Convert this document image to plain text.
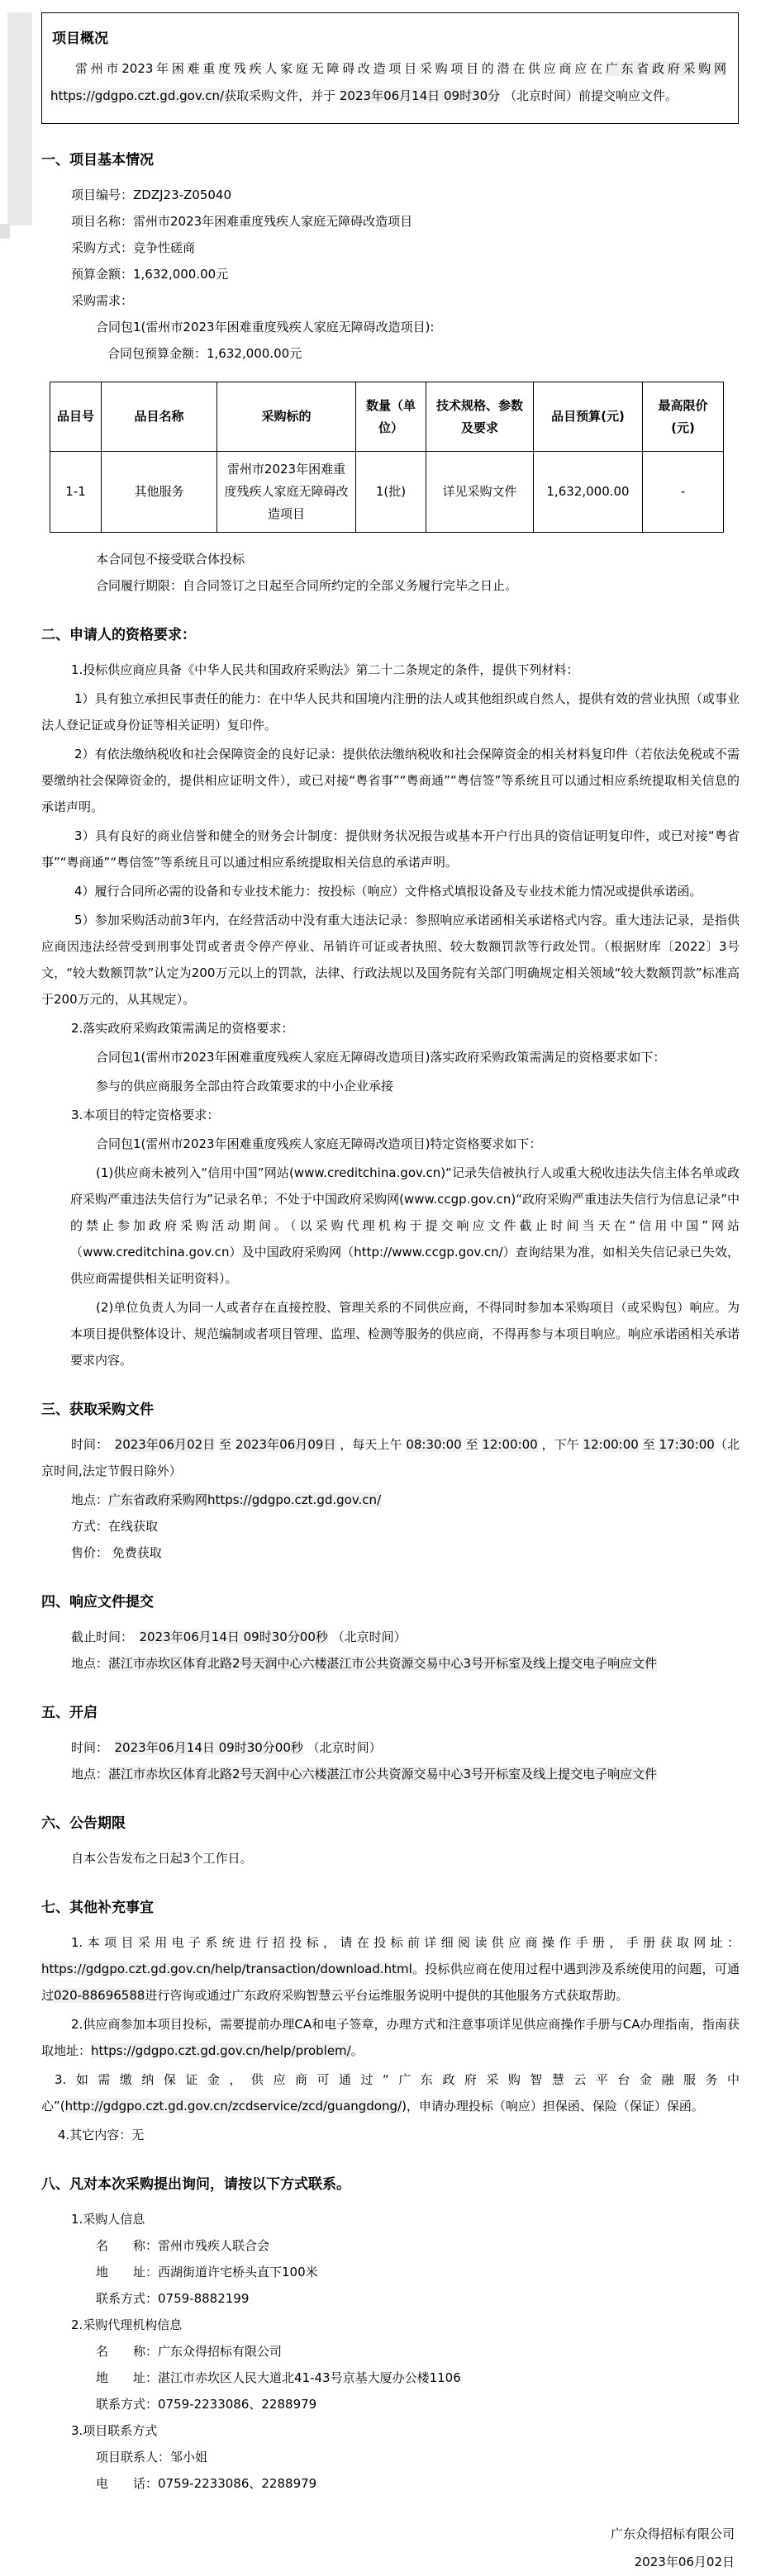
项目概况

雷州市2023年困难重度残疾人家庭无障碍改造项目采购项目的潜在供应商应在广东省政府采购网https://gdgpo.czt.gd.gov.cn/获取采购文件，并于 2023年06月14日 09时30分 （北京时间）前提交响应文件。

一、项目基本情况

项目编号：ZDZJ23-Z05040

项目名称：雷州市2023年困难重度残疾人家庭无障碍改造项目

采购方式：竞争性磋商

预算金额：1,632,000.00元

采购需求：

合同包1(雷州市2023年困难重度残疾人家庭无障碍改造项目):

合同包预算金额：1,632,000.00元

品目号	品目名称	采购标的	数量（单位）	技术规格、参数及要求	品目预算(元)	最高限价(元)
1-1	其他服务	雷州市2023年困难重度残疾人家庭无障碍改造项目	1(批)	详见采购文件	1,632,000.00	-

本合同包不接受联合体投标

合同履行期限：自合同签订之日起至合同所约定的全部义务履行完毕之日止。

二、申请人的资格要求：

1.投标供应商应具备《中华人民共和国政府采购法》第二十二条规定的条件，提供下列材料：

1）具有独立承担民事责任的能力：在中华人民共和国境内注册的法人或其他组织或自然人，提供有效的营业执照（或事业法人登记证或身份证等相关证明）复印件。

2）有依法缴纳税收和社会保障资金的良好记录：提供依法缴纳税收和社会保障资金的相关材料复印件（若依法免税或不需要缴纳社会保障资金的，提供相应证明文件），或已对接“粤省事”“粤商通”“粤信签”等系统且可以通过相应系统提取相关信息的承诺声明。

3）具有良好的商业信誉和健全的财务会计制度：提供财务状况报告或基本开户行出具的资信证明复印件，或已对接“粤省事”“粤商通”“粤信签”等系统且可以通过相应系统提取相关信息的承诺声明。

4）履行合同所必需的设备和专业技术能力：按投标（响应）文件格式填报设备及专业技术能力情况或提供承诺函。

5）参加采购活动前3年内，在经营活动中没有重大违法记录：参照响应承诺函相关承诺格式内容。重大违法记录，是指供应商因违法经营受到刑事处罚或者责令停产停业、吊销许可证或者执照、较大数额罚款等行政处罚。（根据财库〔2022〕3号文，“较大数额罚款”认定为200万元以上的罚款，法律、行政法规以及国务院有关部门明确规定相关领域“较大数额罚款”标准高于200万元的，从其规定）。

2.落实政府采购政策需满足的资格要求：

合同包1(雷州市2023年困难重度残疾人家庭无障碍改造项目)落实政府采购政策需满足的资格要求如下：

参与的供应商服务全部由符合政策要求的中小企业承接

3.本项目的特定资格要求：

合同包1(雷州市2023年困难重度残疾人家庭无障碍改造项目)特定资格要求如下：

(1)供应商未被列入“信用中国”网站(www.creditchina.gov.cn)“记录失信被执行人或重大税收违法失信主体名单或政府采购严重违法失信行为”记录名单；不处于中国政府采购网(www.ccgp.gov.cn)“政府采购严重违法失信行为信息记录”中的禁止参加政府采购活动期间。（以采购代理机构于提交响应文件截止时间当天在“信用中国”网站（www.creditchina.gov.cn）及中国政府采购网（http://www.ccgp.gov.cn/）查询结果为准，如相关失信记录已失效，供应商需提供相关证明资料）。

(2)单位负责人为同一人或者存在直接控股、管理关系的不同供应商，不得同时参加本采购项目（或采购包）响应。为本项目提供整体设计、规范编制或者项目管理、监理、检测等服务的供应商，不得再参与本项目响应。响应承诺函相关承诺要求内容。

三、获取采购文件

时间：　2023年06月02日 至 2023年06月09日 ，每天上午 08:30:00 至 12:00:00 ，下午 12:00:00 至 17:30:00（北京时间,法定节假日除外）

地点：广东省政府采购网https://gdgpo.czt.gd.gov.cn/

方式：在线获取

售价： 免费获取

四、响应文件提交

截止时间：　2023年06月14日 09时30分00秒 （北京时间）

地点：湛江市赤坎区体育北路2号天润中心六楼湛江市公共资源交易中心3号开标室及线上提交电子响应文件

五、开启

时间：　2023年06月14日 09时30分00秒 （北京时间）

地点：湛江市赤坎区体育北路2号天润中心六楼湛江市公共资源交易中心3号开标室及线上提交电子响应文件

六、公告期限

自本公告发布之日起3个工作日。

七、其他补充事宜

1.本项目采用电子系统进行招投标，请在投标前详细阅读供应商操作手册，手册获取网址：https://gdgpo.czt.gd.gov.cn/help/transaction/download.html。投标供应商在使用过程中遇到涉及系统使用的问题，可通过020-88696588进行咨询或通过广东政府采购智慧云平台运维服务说明中提供的其他服务方式获取帮助。

2.供应商参加本项目投标，需要提前办理CA和电子签章，办理方式和注意事项详见供应商操作手册与CA办理指南，指南获取地址：https://gdgpo.czt.gd.gov.cn/help/problem/。

3.如需缴纳保证金，供应商可通过“广东政府采购智慧云平台金融服务中心”(http://gdgpo.czt.gd.gov.cn/zcdservice/zcd/guangdong/)，申请办理投标（响应）担保函、保险（保证）保函。

4.其它内容：无

八、凡对本次采购提出询问，请按以下方式联系。

1.采购人信息

名　　称：雷州市残疾人联合会

地　　址：西湖街道许宅桥头直下100米

联系方式：0759-8882199

2.采购代理机构信息

名　　称：广东众得招标有限公司

地　　址：湛江市赤坎区人民大道北41-43号京基大厦办公楼1106

联系方式：0759-2233086、2288979

3.项目联系方式

项目联系人：邹小姐

电　　话：0759-2233086、2288979

广东众得招标有限公司

2023年06月02日
